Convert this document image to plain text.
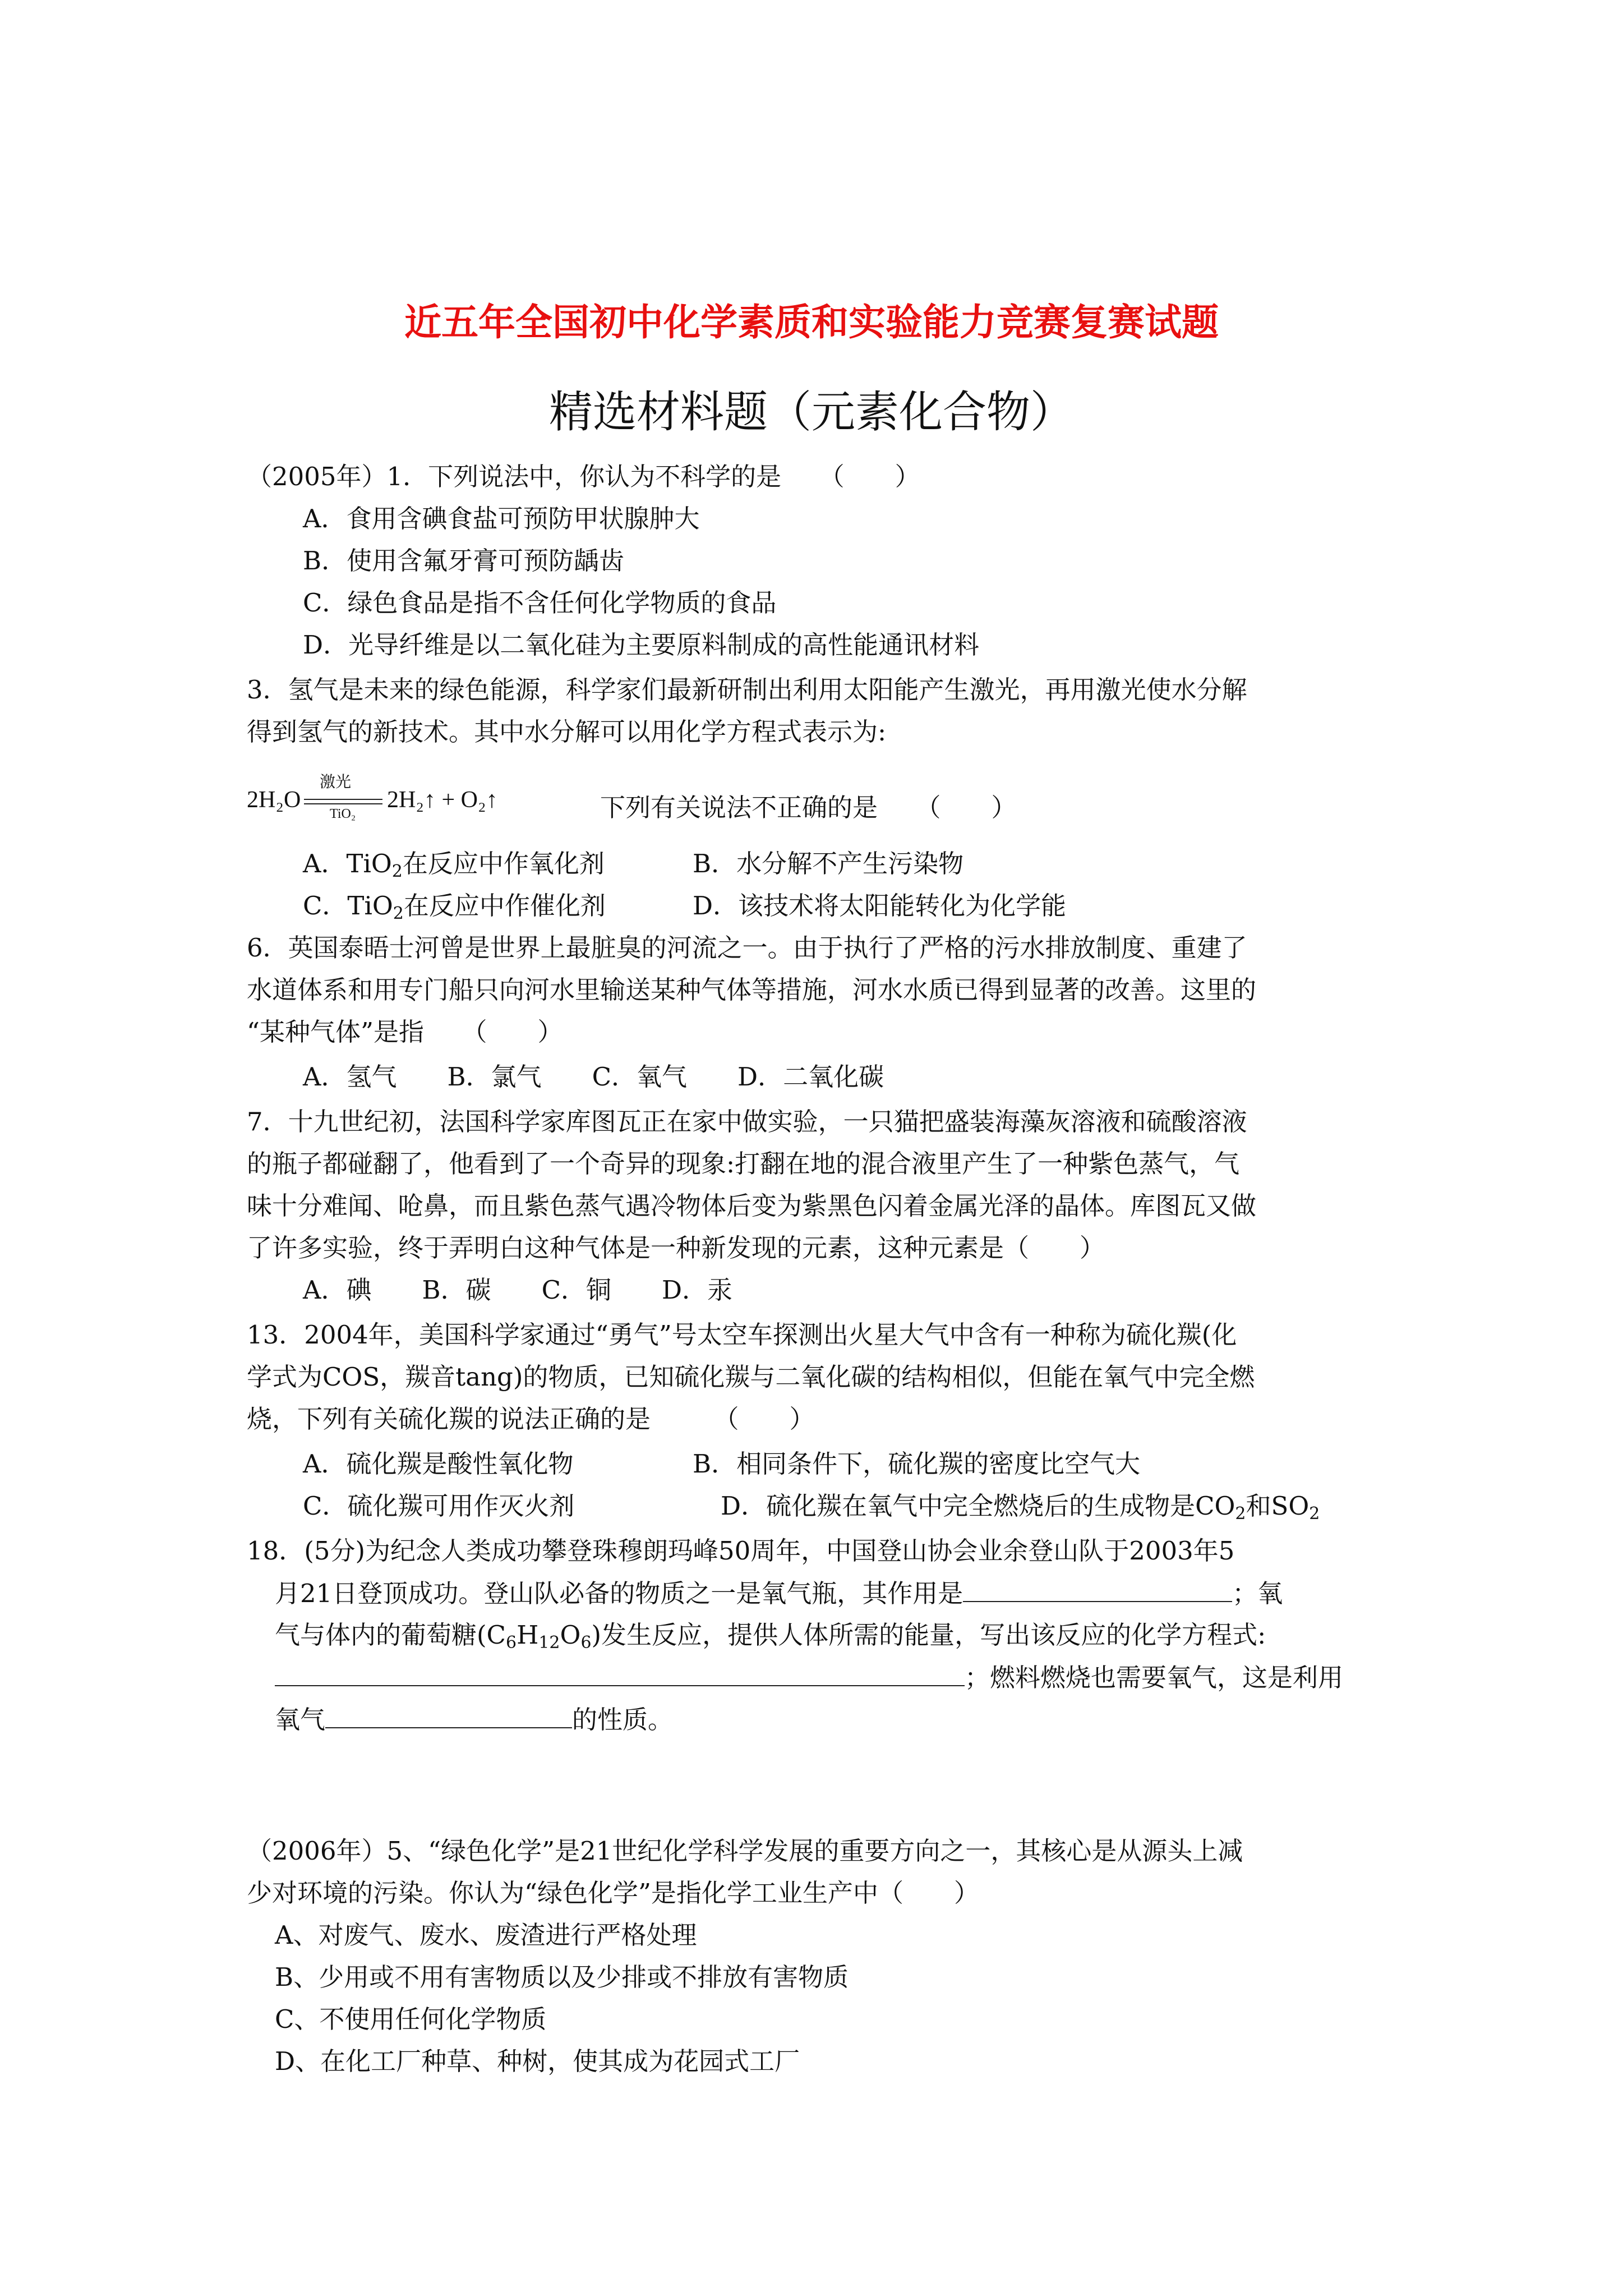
近五年全国初中化学素质和实验能力竞赛复赛试题
精选材料题（元素化合物）
（2005年）1．下列说法中，你认为不科学的是　　（　　）
A．食用含碘食盐可预防甲状腺肿大
B．使用含氟牙膏可预防龋齿
C．绿色食品是指不含任何化学物质的食品
D．光导纤维是以二氧化硅为主要原料制成的高性能通讯材料
3．氢气是未来的绿色能源，科学家们最新研制出利用太阳能产生激光，再用激光使水分解
得到氢气的新技术。其中水分解可以用化学方程式表示为:
2H₂O
激光
TiO₂
2H₂↑ + O₂↑	下列有关说法不正确的是　　（　　）
A．TiO$_2$在反应中作氧化剂	B．水分解不产生污染物
C．TiO$_2$在反应中作催化剂	D．该技术将太阳能转化为化学能
6．英国泰晤士河曾是世界上最脏臭的河流之一。由于执行了严格的污水排放制度、重建了
水道体系和用专门船只向河水里输送某种气体等措施，河水水质已得到显著的改善。这里的
“某种气体”是指　　（　　）
A．氢气　　B．氯气　　C．氧气　　D．二氧化碳
7．十九世纪初，法国科学家库图瓦正在家中做实验，一只猫把盛装海藻灰溶液和硫酸溶液
的瓶子都碰翻了，他看到了一个奇异的现象:打翻在地的混合液里产生了一种紫色蒸气，气
味十分难闻、呛鼻，而且紫色蒸气遇冷物体后变为紫黑色闪着金属光泽的晶体。库图瓦又做
了许多实验，终于弄明白这种气体是一种新发现的元素，这种元素是（　　）
A．碘　　B．碳　　C．铜　　D．汞
13．2004年，美国科学家通过“勇气”号太空车探测出火星大气中含有一种称为硫化羰(化
学式为COS，羰音tang)的物质，已知硫化羰与二氧化碳的结构相似，但能在氧气中完全燃
烧，下列有关硫化羰的说法正确的是　　　（　　）
A．硫化羰是酸性氧化物	B．相同条件下，硫化羰的密度比空气大
C．硫化羰可用作灭火剂	D．硫化羰在氧气中完全燃烧后的生成物是$CO_2$和$SO_2$
18．(5分)为纪念人类成功攀登珠穆朗玛峰50周年，中国登山协会业余登山队于2003年5
月21日登顶成功。登山队必备的物质之一是氧气瓶，其作用是	；氧
气与体内的葡萄糖$(C_6H_{12}O_6)$发生反应，提供人体所需的能量，写出该反应的化学方程式:
；燃料燃烧也需要氧气，这是利用
氧气	的性质。
（2006年）5、“绿色化学”是21世纪化学科学发展的重要方向之一，其核心是从源头上减
少对环境的污染。你认为“绿色化学”是指化学工业生产中（　　）
A、对废气、废水、废渣进行严格处理
B、少用或不用有害物质以及少排或不排放有害物质
C、不使用任何化学物质
D、在化工厂种草、种树，使其成为花园式工厂
